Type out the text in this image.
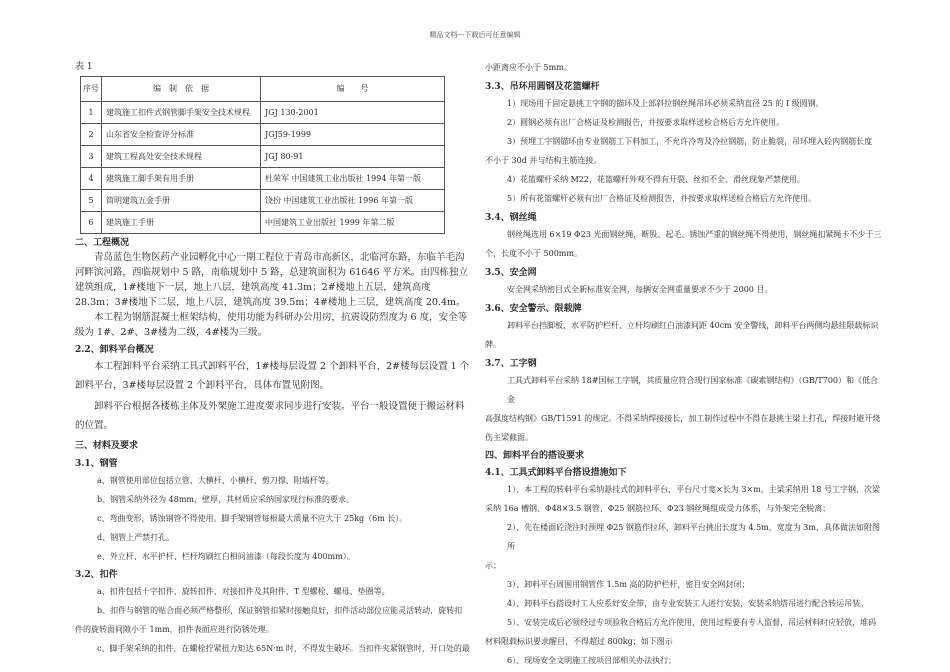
精品文档---下载后可任意编辑

表 1

序号	编　制　依　据	编　　号
1	建筑施工扣件式钢管脚手架安全技术规程	JGJ 130-2001
2	山东省安全检查评分标准	JGJ59-1999
3	建筑工程高处安全技术规程	JGJ 80-91
4	建筑施工脚手架有用手册	杜荣军 中国建筑工业出版社 1994 年第一版
5	简明建筑五金手册	饶扮 中国建筑工业出版社 1996 年第一版
6	建筑施工手册	中国建筑工业出版社 1999 年第二版

二、工程概况

青岛蓝色生物医药产业园孵化中心一期工程位于青岛市高新区，北临河东路，东临羊毛沟河畔滨河路，西临规划中 5 路，南临规划中 5 路，总建筑面积为 61646 平方米。由四栋独立建筑组成，1#楼地下一层，地上八层，建筑高度 41.3m；2#楼地上五层，建筑高度 28.3m；3#楼地下二层，地上八层，建筑高度 39.5m；4#楼地上三层，建筑高度 20.4m。

本工程为钢筋混凝土框架结构，使用功能为科研办公用房，抗震设防烈度为 6 度，安全等级为 1#、2#、3#楼为二级，4#楼为三级。

2.2、卸料平台概况

本工程卸料平台采纳工具式卸料平台，1#楼每层设置 2 个卸料平台，2#楼每层设置 1 个卸料平台，3#楼每层设置 2 个卸料平台，具体布置见附图。

卸料平台根据各楼栋主体及外架施工进度要求同步进行安装。平台一般设置便于搬运材料的位置。

三、材料及要求

3.1、钢管

a、钢管使用部位包括立管、大横杆、小横杆、剪刀撑、附墙杆等。

b、钢管采纳外径为 48mm，壁厚，其材质应采纳国家现行标准的要求。

c、弯曲变形，锈蚀钢管不得使用。脚手架钢管每根最大质量不应大于 25kg（6m 长）。

d、钢管上严禁打孔。

e、外立杆、水平护杆、栏杆均刷红白相间油漆（每段长度为 400mm）。

3.2、扣件

a、扣件包括十字扣件、旋转扣件、对接扣件及其附件、T 型螺栓、螺母、垫圈等。

b、扣件与钢管的贴合面必须严格整形，保证钢管扣紧时接触良好，扣件活动部位应能灵活转动，旋转扣

件的旋转面间隙小于 1mm，扣件表面应进行防锈处理。

c、脚手架采纳的扣件，在螺栓拧紧扭力矩达 65N·m 时，不得发生破坏。当扣件夹紧钢管时，开口处的最

小距离应不小于 5mm。

3.3、吊环用圆钢及花篮螺杆

1）现场用于固定悬挑工字钢的锚环及上部斜拉钢丝绳吊环必须采纳直径 25 的 I 级圆钢。

2）圆钢必须有出厂合格证及检测报告，并按要求取样送检合格后方允许使用。

3）预埋工字钢锚环由专业钢筋工下料加工，不允许冷弯及冷拉钢筋，防止脆裂，吊环埋入砼内钢筋长度

不小于 30d 并与结构主筋连接。

4）花篮螺杆采纳 M22，花篮螺杆外观不得有开裂、丝扣不全、滑丝现象严禁使用。

5）所有花篮螺杆必须有出厂合格证及检测报告，并按要求取样送检合格后方允许使用。

3.4、钢丝绳

钢丝绳选用 6×19 Φ23 光面钢丝绳，断股、起毛、锈蚀严重的钢丝绳不得使用，钢丝绳扣紧绳卡不少于三

个，长度不小于 500mm。

3.5、安全网

安全网采纳密目式全新标准安全网，每辆安全网重量要求不少于 2000 目。

3.6、安全警示、限载牌

卸料平台挡脚板、水平防护栏杆、立杆均刷红白油漆间距 40cm 安全警线，卸料平台两侧均悬挂限载标识

牌。

3.7、工字钢

工具式卸料平台采纳 18#国标工字钢，其质量应符合现行国家标准《碳素钢结构》（GB/T700）和《低合金

高强度结构钢》GB/T1591 的规定。不得采纳焊接接长，加工制作过程中不得在悬挑主梁上打孔，焊接时避开烧

伤主梁截面。

四、卸料平台的搭设要求

4.1、工具式卸料平台搭设措施如下

1）、本工程的转料平台采纳悬挂式的卸料平台，平台尺寸宽×长为 3×m，主梁采纳用 18 号工字钢、次梁

采纳 16a 槽钢、Φ48×3.5 钢管、Φ25 钢筋拉环、Φ23 钢丝绳组成受力体系，与外架完全脱离；

2）、先在楼面砼浇注时预埋 Φ25 钢筋作拉环，卸料平台挑出长度为 4.5m，宽度为 3m，具体做法如附图所

示；

3）、卸料平台周围用钢管作 1.5m 高的防护栏杆，密目安全网封闭；

4）、卸料平台搭设时工人应系好安全带，由专业安装工人进行安装，安装采纳塔吊进行配合转运吊装。

5）、安装完成后必须经过专项验收合格后方允许使用，使用过程要有专人监督，吊运材料时应轻放，堆码

材料限载标识要求醒目，不得超过 800kg；如下图示

6）、现场安全文明施工按项目部相关办法执行；
